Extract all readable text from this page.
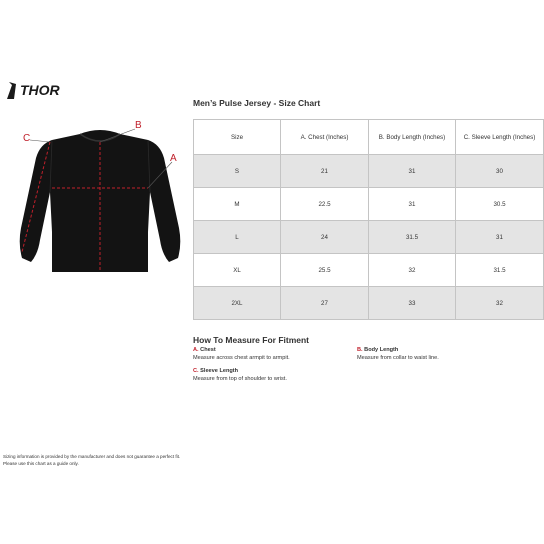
THOR
A
B
C
Men’s Pulse Jersey - Size Chart
Size	A. Chest (Inches)	B. Body Length (Inches)	C. Sleeve Length (Inches)
S	21	31	30
M	22.5	31	30.5
L	24	31.5	31
XL	25.5	32	31.5
2XL	27	33	32
How To Measure For Fitment
A. Chest
Measure across chest armpit to armpit.
B. Body Length
Measure from collar to waist line.
C. Sleeve Length
Measure from top of shoulder to wrist.
Sizing information is provided by the manufacturer and does not guarantee a perfect fit.
Please use this chart as a guide only.
